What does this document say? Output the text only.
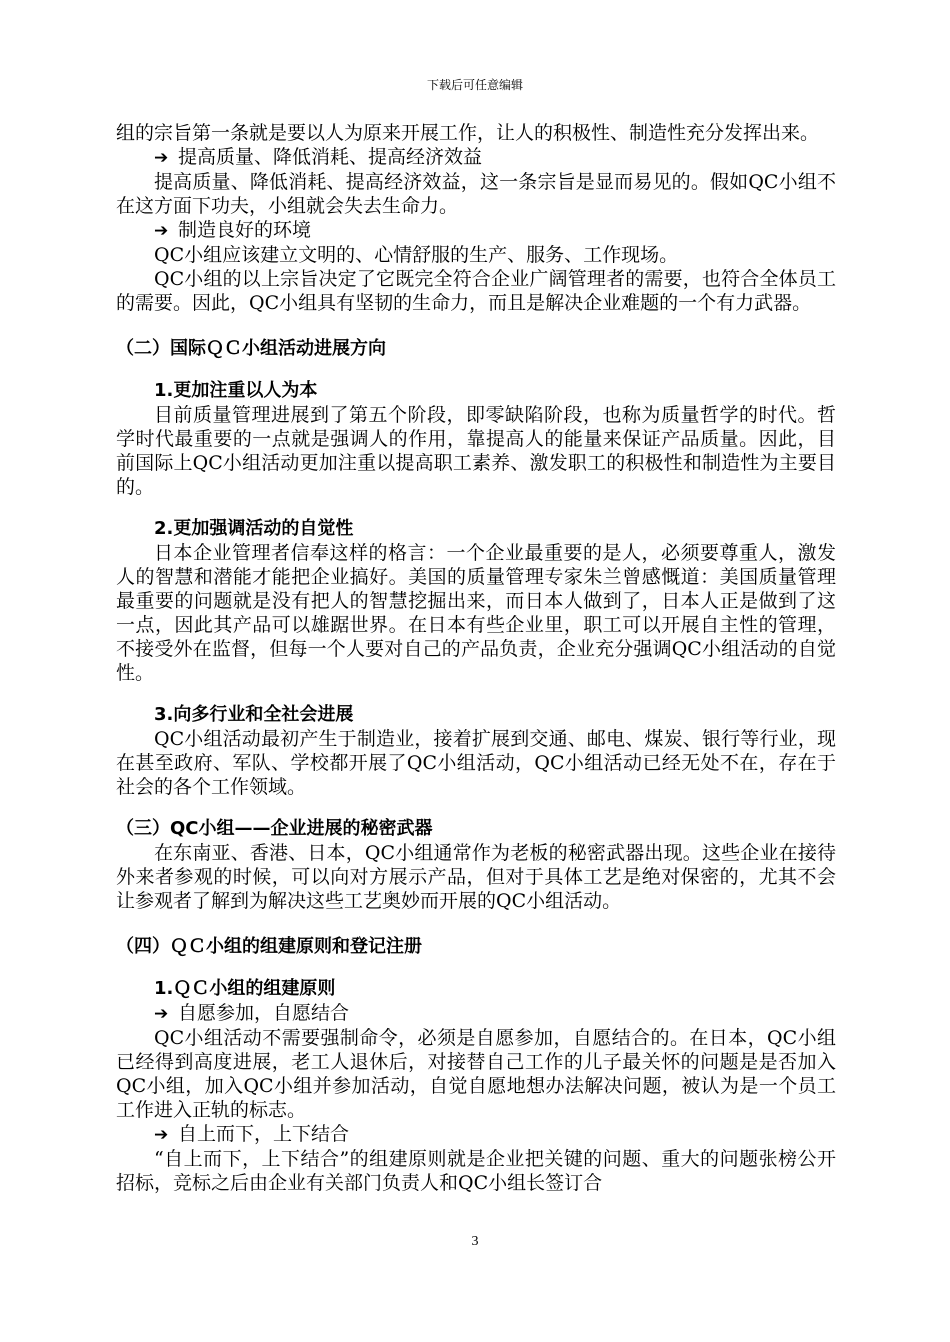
下载后可任意编辑

组的宗旨第一条就是要以人为原来开展工作，让人的积极性、制造性充分发挥出来。

➔ 提高质量、降低消耗、提高经济效益

提高质量、降低消耗、提高经济效益，这一条宗旨是显而易见的。假如QC小组不在这方面下功夫，小组就会失去生命力。

➔ 制造良好的环境

QC小组应该建立文明的、心情舒服的生产、服务、工作现场。

QC小组的以上宗旨决定了它既完全符合企业广阔管理者的需要，也符合全体员工的需要。因此，QC小组具有坚韧的生命力，而且是解决企业难题的一个有力武器。

（二）国际ＱＣ小组活动进展方向

1.更加注重以人为本

目前质量管理进展到了第五个阶段，即零缺陷阶段，也称为质量哲学的时代。哲学时代最重要的一点就是强调人的作用，靠提高人的能量来保证产品质量。因此，目前国际上QC小组活动更加注重以提高职工素养、激发职工的积极性和制造性为主要目的。

2.更加强调活动的自觉性

日本企业管理者信奉这样的格言：一个企业最重要的是人，必须要尊重人，激发人的智慧和潜能才能把企业搞好。美国的质量管理专家朱兰曾感慨道：美国质量管理最重要的问题就是没有把人的智慧挖掘出来，而日本人做到了，日本人正是做到了这一点，因此其产品可以雄踞世界。在日本有些企业里，职工可以开展自主性的管理，不接受外在监督，但每一个人要对自己的产品负责，企业充分强调QC小组活动的自觉性。

3.向多行业和全社会进展

QC小组活动最初产生于制造业，接着扩展到交通、邮电、煤炭、银行等行业，现在甚至政府、军队、学校都开展了QC小组活动，QC小组活动已经无处不在，存在于社会的各个工作领域。

（三）QC小组——企业进展的秘密武器

在东南亚、香港、日本，QC小组通常作为老板的秘密武器出现。这些企业在接待外来者参观的时候，可以向对方展示产品，但对于具体工艺是绝对保密的，尤其不会让参观者了解到为解决这些工艺奥妙而开展的QC小组活动。

（四）ＱＣ小组的组建原则和登记注册

1.ＱＣ小组的组建原则

➔ 自愿参加，自愿结合

QC小组活动不需要强制命令，必须是自愿参加，自愿结合的。在日本，QC小组已经得到高度进展，老工人退休后，对接替自己工作的儿子最关怀的问题是是否加入QC小组，加入QC小组并参加活动，自觉自愿地想办法解决问题，被认为是一个员工工作进入正轨的标志。

➔ 自上而下，上下结合

“自上而下，上下结合”的组建原则就是企业把关键的问题、重大的问题张榜公开招标，竞标之后由企业有关部门负责人和QC小组长签订合

3
